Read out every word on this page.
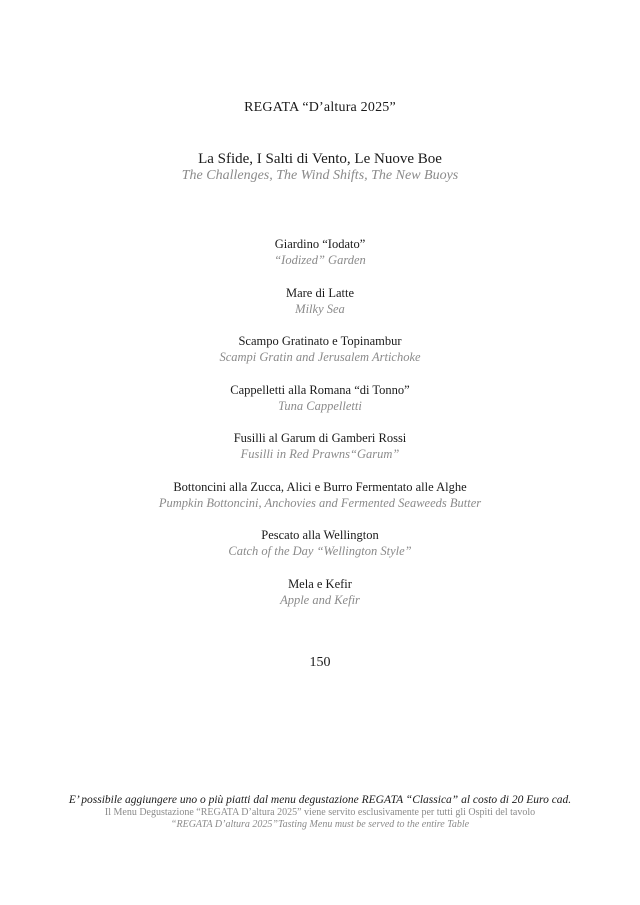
REGATA “D’altura 2025”
La Sfide, I Salti di Vento, Le Nuove Boe
The Challenges, The Wind Shifts, The New Buoys
Giardino “Iodato”
“Iodized” Garden
Mare di Latte
Milky Sea
Scampo Gratinato e Topinambur
Scampi Gratin and Jerusalem Artichoke
Cappelletti alla Romana “di Tonno”
Tuna Cappelletti
Fusilli al Garum di Gamberi Rossi
Fusilli in Red Prawns“Garum”
Bottoncini alla Zucca, Alici e Burro Fermentato alle Alghe
Pumpkin Bottoncini, Anchovies and Fermented Seaweeds Butter
Pescato alla Wellington
Catch of the Day “Wellington Style”
Mela e Kefir
Apple and Kefir
150
E’ possibile aggiungere uno o più piatti dal menu degustazione REGATA “Classica” al costo di 20 Euro cad.
Il Menu Degustazione “REGATA D’altura 2025” viene servito esclusivamente per tutti gli Ospiti del tavolo
“REGATA D’altura 2025”Tasting Menu must be served to the entire Table
